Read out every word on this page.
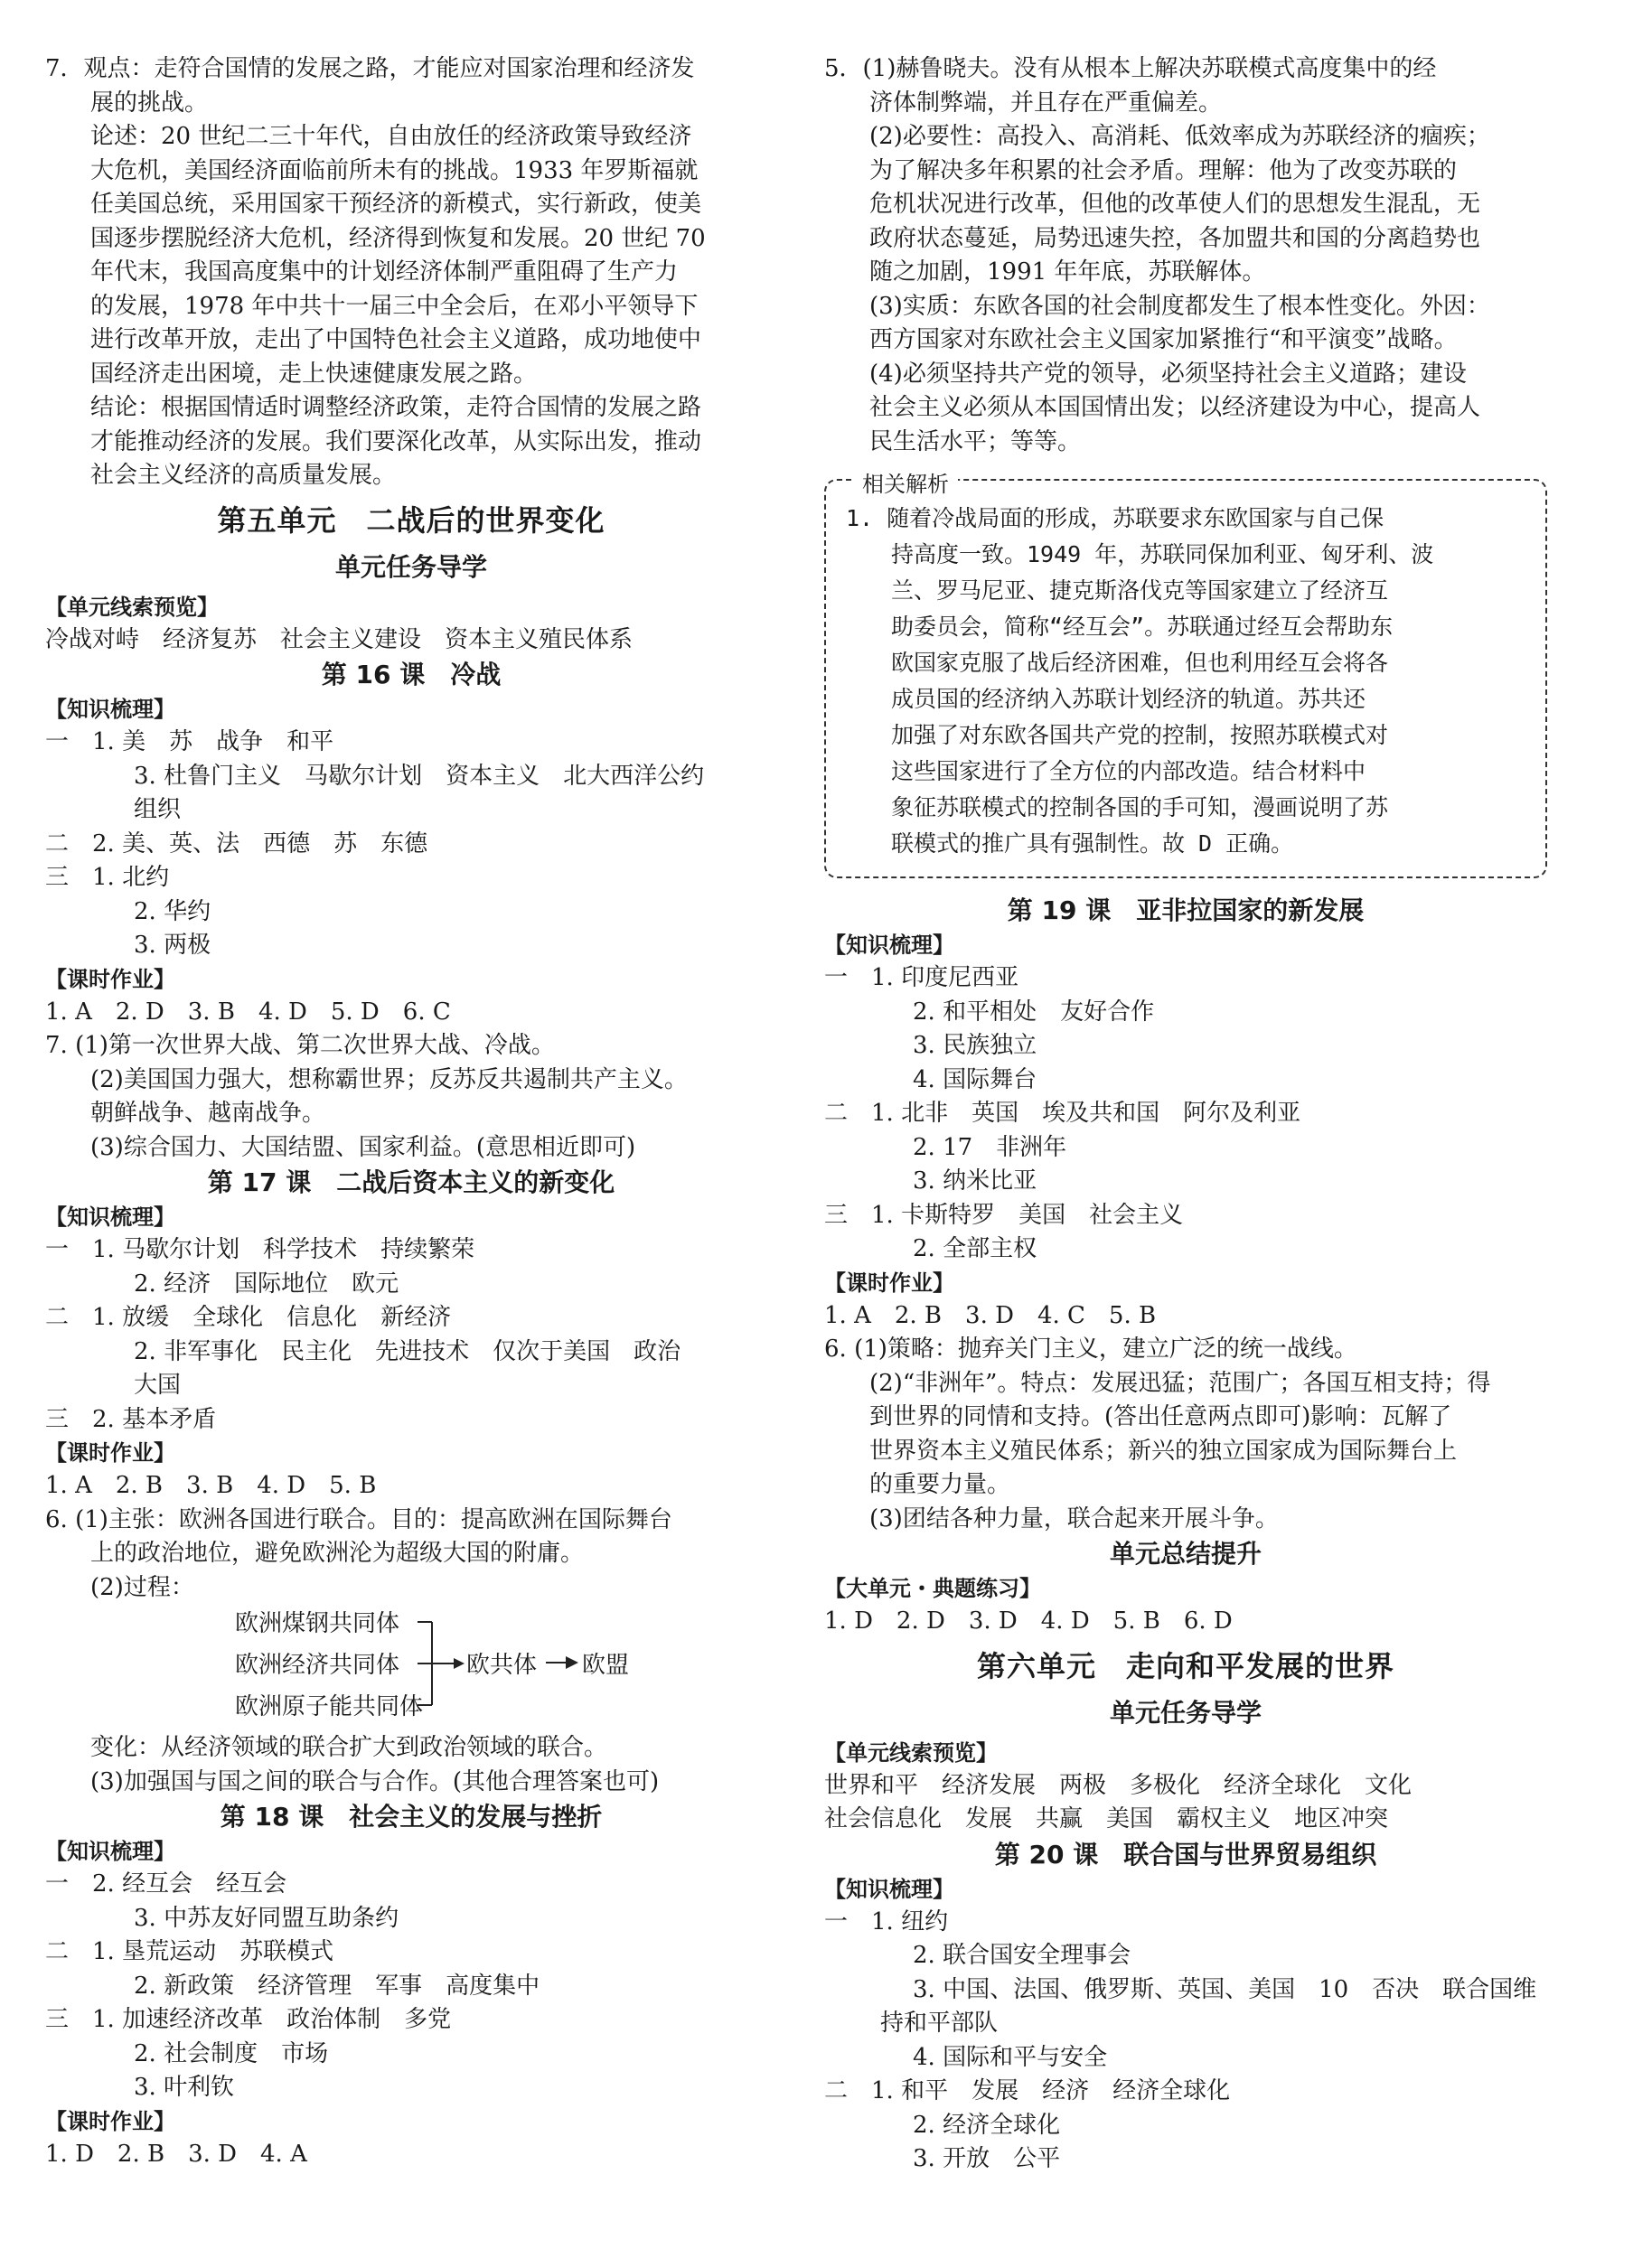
7．观点：走符合国情的发展之路，才能应对国家治理和经济发

展的挑战。

论述：20 世纪二三十年代，自由放任的经济政策导致经济

大危机，美国经济面临前所未有的挑战。1933 年罗斯福就

任美国总统，采用国家干预经济的新模式，实行新政，使美

国逐步摆脱经济大危机，经济得到恢复和发展。20 世纪 70

年代末，我国高度集中的计划经济体制严重阻碍了生产力

的发展，1978 年中共十一届三中全会后，在邓小平领导下

进行改革开放，走出了中国特色社会主义道路，成功地使中

国经济走出困境，走上快速健康发展之路。

结论：根据国情适时调整经济政策，走符合国情的发展之路

才能推动经济的发展。我们要深化改革，从实际出发，推动

社会主义经济的高质量发展。

第五单元　二战后的世界变化
单元任务导学

【单元线索预览】

冷战对峙　经济复苏　社会主义建设　资本主义殖民体系

第 16 课　冷战

【知识梳理】

一　1. 美　苏　战争　和平

3. 杜鲁门主义　马歇尔计划　资本主义　北大西洋公约

组织

二　2. 美、英、法　西德　苏　东德

三　1. 北约

2. 华约

3. 两极

【课时作业】

1. A　2. D　3. B　4. D　5. D　6. C

7. (1)第一次世界大战、第二次世界大战、冷战。

(2)美国国力强大，想称霸世界；反苏反共遏制共产主义。

朝鲜战争、越南战争。

(3)综合国力、大国结盟、国家利益。(意思相近即可)

第 17 课　二战后资本主义的新变化

【知识梳理】

一　1. 马歇尔计划　科学技术　持续繁荣

2. 经济　国际地位　欧元

二　1. 放缓　全球化　信息化　新经济

2. 非军事化　民主化　先进技术　仅次于美国　政治

大国

三　2. 基本矛盾

【课时作业】

1. A　2. B　3. B　4. D　5. B

6. (1)主张：欧洲各国进行联合。目的：提高欧洲在国际舞台

上的政治地位，避免欧洲沦为超级大国的附庸。

(2)过程：

欧洲煤钢共同体
欧洲经济共同体
欧洲原子能共同体
欧共体 欧盟

变化：从经济领域的联合扩大到政治领域的联合。

(3)加强国与国之间的联合与合作。(其他合理答案也可)

第 18 课　社会主义的发展与挫折

【知识梳理】

一　2. 经互会　经互会

3. 中苏友好同盟互助条约

二　1. 垦荒运动　苏联模式

2. 新政策　经济管理　军事　高度集中

三　1. 加速经济改革　政治体制　多党

2. 社会制度　市场

3. 叶利钦

【课时作业】

1. D　2. B　3. D　4. A

5．(1)赫鲁晓夫。没有从根本上解决苏联模式高度集中的经

济体制弊端，并且存在严重偏差。

(2)必要性：高投入、高消耗、低效率成为苏联经济的痼疾；

为了解决多年积累的社会矛盾。理解：他为了改变苏联的

危机状况进行改革，但他的改革使人们的思想发生混乱，无

政府状态蔓延，局势迅速失控，各加盟共和国的分离趋势也

随之加剧，1991 年年底，苏联解体。

(3)实质：东欧各国的社会制度都发生了根本性变化。外因：

西方国家对东欧社会主义国家加紧推行“和平演变”战略。

(4)必须坚持共产党的领导，必须坚持社会主义道路；建设

社会主义必须从本国国情出发；以经济建设为中心，提高人

民生活水平；等等。

相关解析

1. 随着冷战局面的形成，苏联要求东欧国家与自己保

持高度一致。1949 年，苏联同保加利亚、匈牙利、波

兰、罗马尼亚、捷克斯洛伐克等国家建立了经济互

助委员会，简称“经互会”。苏联通过经互会帮助东

欧国家克服了战后经济困难，但也利用经互会将各

成员国的经济纳入苏联计划经济的轨道。苏共还

加强了对东欧各国共产党的控制，按照苏联模式对

这些国家进行了全方位的内部改造。结合材料中

象征苏联模式的控制各国的手可知，漫画说明了苏

联模式的推广具有强制性。故 D 正确。

第 19 课　亚非拉国家的新发展

【知识梳理】

一　1. 印度尼西亚

2. 和平相处　友好合作

3. 民族独立

4. 国际舞台

二　1. 北非　英国　埃及共和国　阿尔及利亚

2. 17　非洲年

3. 纳米比亚

三　1. 卡斯特罗　美国　社会主义

2. 全部主权

【课时作业】

1. A　2. B　3. D　4. C　5. B

6. (1)策略：抛弃关门主义，建立广泛的统一战线。

(2)“非洲年”。特点：发展迅猛；范围广；各国互相支持；得

到世界的同情和支持。(答出任意两点即可)影响：瓦解了

世界资本主义殖民体系；新兴的独立国家成为国际舞台上

的重要力量。

(3)团结各种力量，联合起来开展斗争。

单元总结提升

【大单元・典题练习】

1. D　2. D　3. D　4. D　5. B　6. D

第六单元　走向和平发展的世界
单元任务导学

【单元线索预览】

世界和平　经济发展　两极　多极化　经济全球化　文化

社会信息化　发展　共赢　美国　霸权主义　地区冲突

第 20 课　联合国与世界贸易组织

【知识梳理】

一　1. 纽约

2. 联合国安全理事会

3. 中国、法国、俄罗斯、英国、美国　10　否决　联合国维

持和平部队

4. 国际和平与安全

二　1. 和平　发展　经济　经济全球化

2. 经济全球化

3. 开放　公平
